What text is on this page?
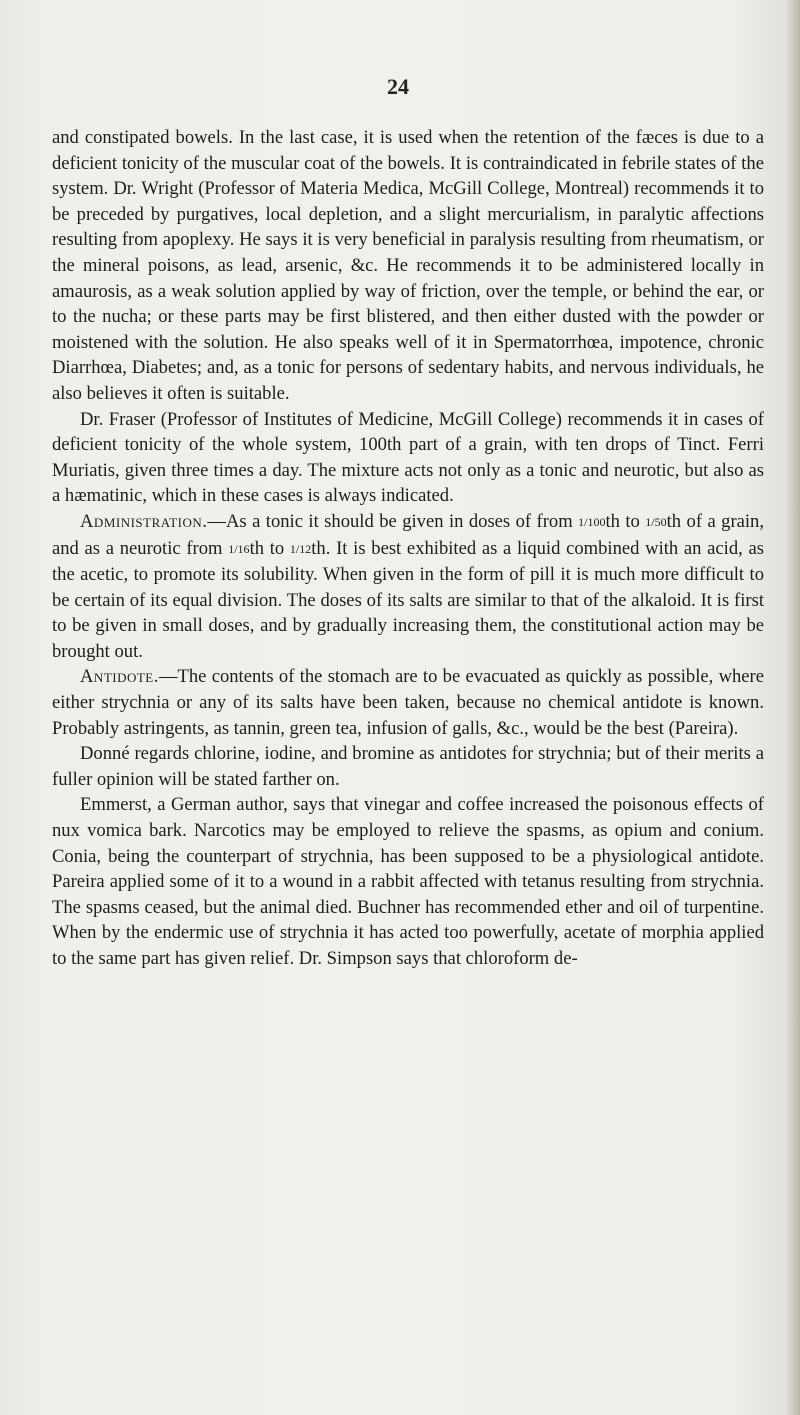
24

and constipated bowels. In the last case, it is used when the retention of the fæces is due to a deficient tonicity of the muscular coat of the bowels. It is contraindicated in febrile states of the system. Dr. Wright (Professor of Materia Medica, McGill College, Montreal) recommends it to be preceded by purgatives, local depletion, and a slight mercurialism, in paralytic affections resulting from apoplexy. He says it is very beneficial in paralysis resulting from rheumatism, or the mineral poisons, as lead, arsenic, &c. He recommends it to be administered locally in amaurosis, as a weak solution applied by way of friction, over the temple, or behind the ear, or to the nucha; or these parts may be first blistered, and then either dusted with the powder or moistened with the solution. He also speaks well of it in Spermatorrhœa, impotence, chronic Diarrhœa, Diabetes; and, as a tonic for persons of sedentary habits, and nervous individuals, he also believes it often is suitable.

Dr. Fraser (Professor of Institutes of Medicine, McGill College) recommends it in cases of deficient tonicity of the whole system, 100th part of a grain, with ten drops of Tinct. Ferri Muriatis, given three times a day. The mixture acts not only as a tonic and neurotic, but also as a hæmatinic, which in these cases is always indicated.

Administration.—As a tonic it should be given in doses of from 1/100th to 1/50th of a grain, and as a neurotic from 1/16th to 1/12th. It is best exhibited as a liquid combined with an acid, as the acetic, to promote its solubility. When given in the form of pill it is much more difficult to be certain of its equal division. The doses of its salts are similar to that of the alkaloid. It is first to be given in small doses, and by gradually increasing them, the constitutional action may be brought out.

Antidote.—The contents of the stomach are to be evacuated as quickly as possible, where either strychnia or any of its salts have been taken, because no chemical antidote is known. Probably astringents, as tannin, green tea, infusion of galls, &c., would be the best (Pareira).

Donné regards chlorine, iodine, and bromine as antidotes for strychnia; but of their merits a fuller opinion will be stated farther on.

Emmerst, a German author, says that vinegar and coffee increased the poisonous effects of nux vomica bark. Narcotics may be employed to relieve the spasms, as opium and conium. Conia, being the counterpart of strychnia, has been supposed to be a physiological antidote. Pareira applied some of it to a wound in a rabbit affected with tetanus resulting from strychnia. The spasms ceased, but the animal died. Buchner has recommended ether and oil of turpentine. When by the endermic use of strychnia it has acted too powerfully, acetate of morphia applied to the same part has given relief. Dr. Simpson says that chloroform de-
